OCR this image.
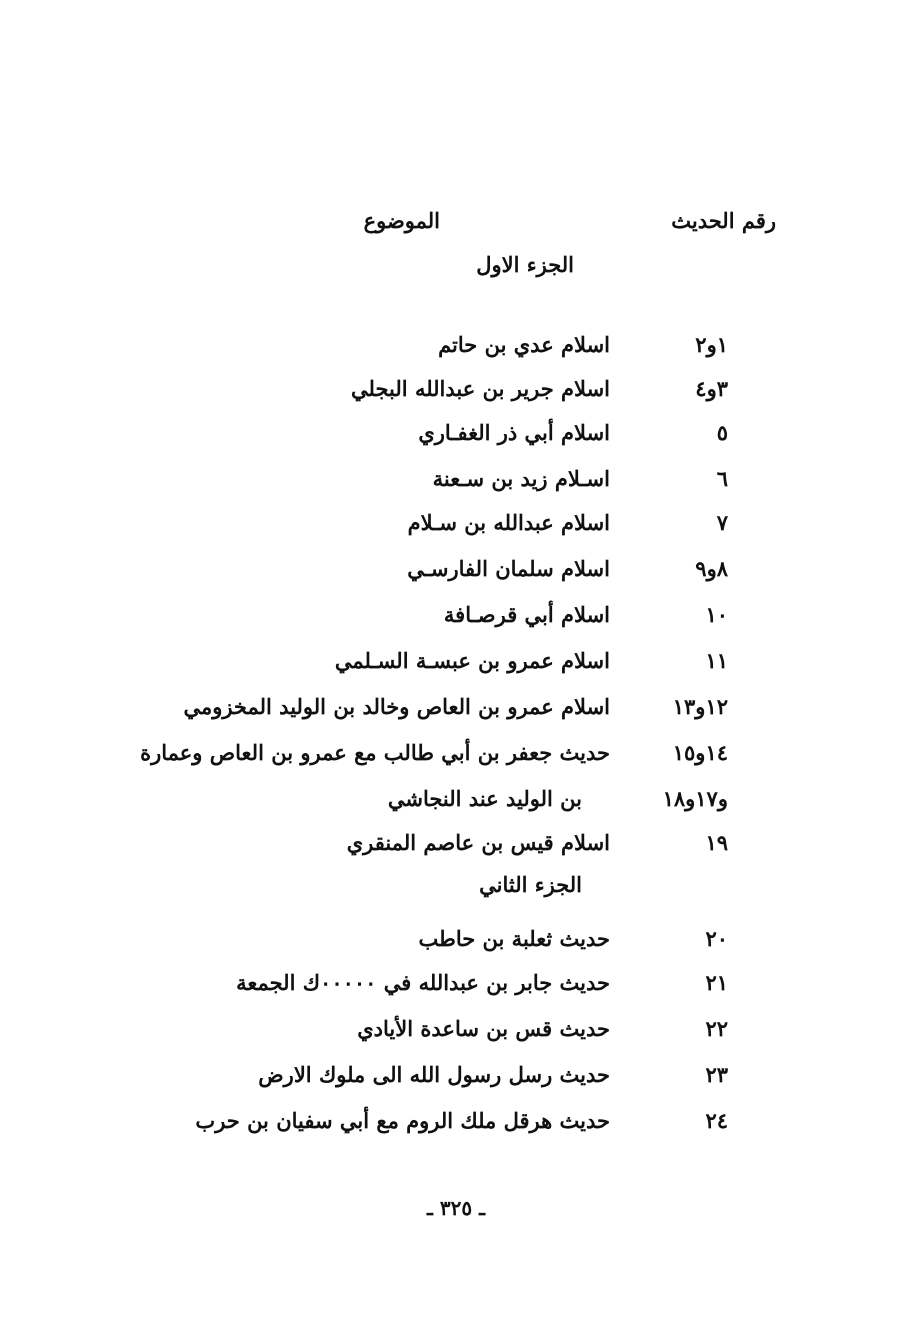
رقم الحديث
الموضوع
الجزء الاول
١و٢
اسلام عدي بن حاتم
٣و٤
اسلام جرير بن عبدالله البجلي
٥
اسلام أبي ذر الغفـاري
٦
اسـلام زيد بن سـعنة
٧
اسلام عبدالله بن سـلام
٨و٩
اسلام سلمان الفارسـي
١٠
اسلام أبي قرصـافة
١١
اسلام عمرو بن عبسـة السـلمي
١٢و١٣
اسلام عمرو بن العاص وخالد بن الوليد المخزومي
١٤و١٥
حديث جعفر بن أبي طالب مع عمرو بن العاص وعمارة
و١٧و١٨
بن الوليد عند النجاشي
١٩
اسلام قيس بن عاصم المنقري
الجزء الثاني
٢٠
حديث ثعلبة بن حاطب
٢١
حديث جابر بن عبدالله في ٠٠٠٠٠ك الجمعة
٢٢
حديث قس بن ساعدة الأيادي
٢٣
حديث رسل رسول الله الى ملوك الارض
٢٤
حديث هرقل ملك الروم مع أبي سفيان بن حرب
ـ ٣٢٥ ـ
